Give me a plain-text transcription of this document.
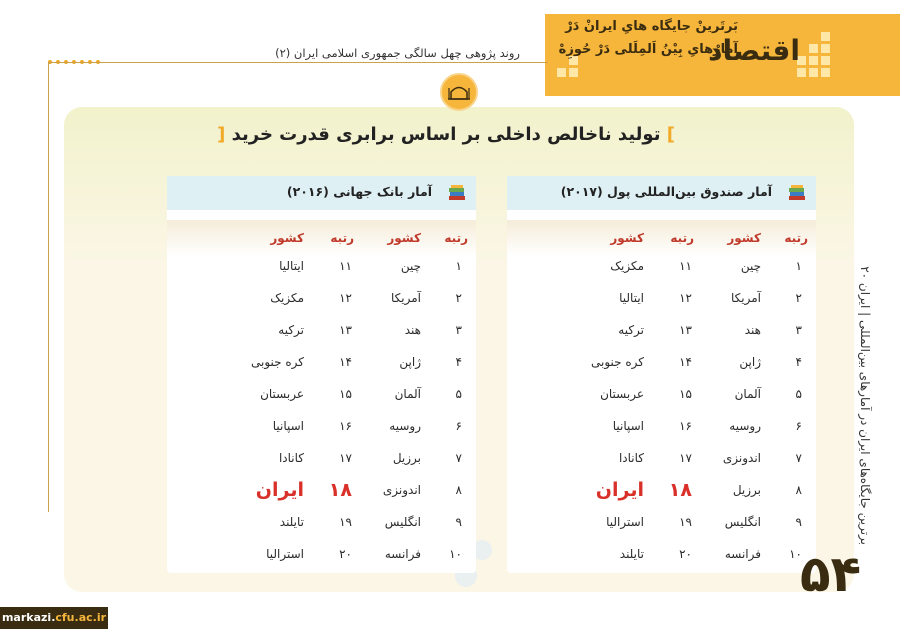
اقتصاد
بَرتَرینْ جایگاه هایِ ایرانْ دَرْ
آمارْهایِ بِیْنُ اَلمِلَلی دَرْ حُوزِهْ
روند پژوهی چهل سالگی جمهوری اسلامی ایران (۲)
] تولید ناخالص داخلی بر اساس برابری قدرت خرید [
آمار صندوق بین‌المللی پول (۲۰۱۷)
رتبه
کشور
رتبه
کشور
۱
چین
۲
آمریکا
۳
هند
۴
ژاپن
۵
آلمان
۶
روسیه
۷
اندونزی
۸
برزیل
۹
انگلیس
۱۰
فرانسه
۱۱
مکزیک
۱۲
ایتالیا
۱۳
ترکیه
۱۴
کره جنوبی
۱۵
عربستان
۱۶
اسپانیا
۱۷
کانادا
۱۸
ایران
۱۹
استرالیا
۲۰
تایلند
آمار بانک جهانی (۲۰۱۶)
رتبه
کشور
رتبه
کشور
۱
چین
۲
آمریکا
۳
هند
۴
ژاپن
۵
آلمان
۶
روسیه
۷
برزیل
۸
اندونزی
۹
انگلیس
۱۰
فرانسه
۱۱
ایتالیا
۱۲
مکزیک
۱۳
ترکیه
۱۴
کره جنوبی
۱۵
عربستان
۱۶
اسپانیا
۱۷
کانادا
۱۸
ایران
۱۹
تایلند
۲۰
استرالیا
برترین جایگاه‌های ایران در آمارهای بین‌المللی | ایران ۲۰
۵۴
markazi.cfu.ac.ir
